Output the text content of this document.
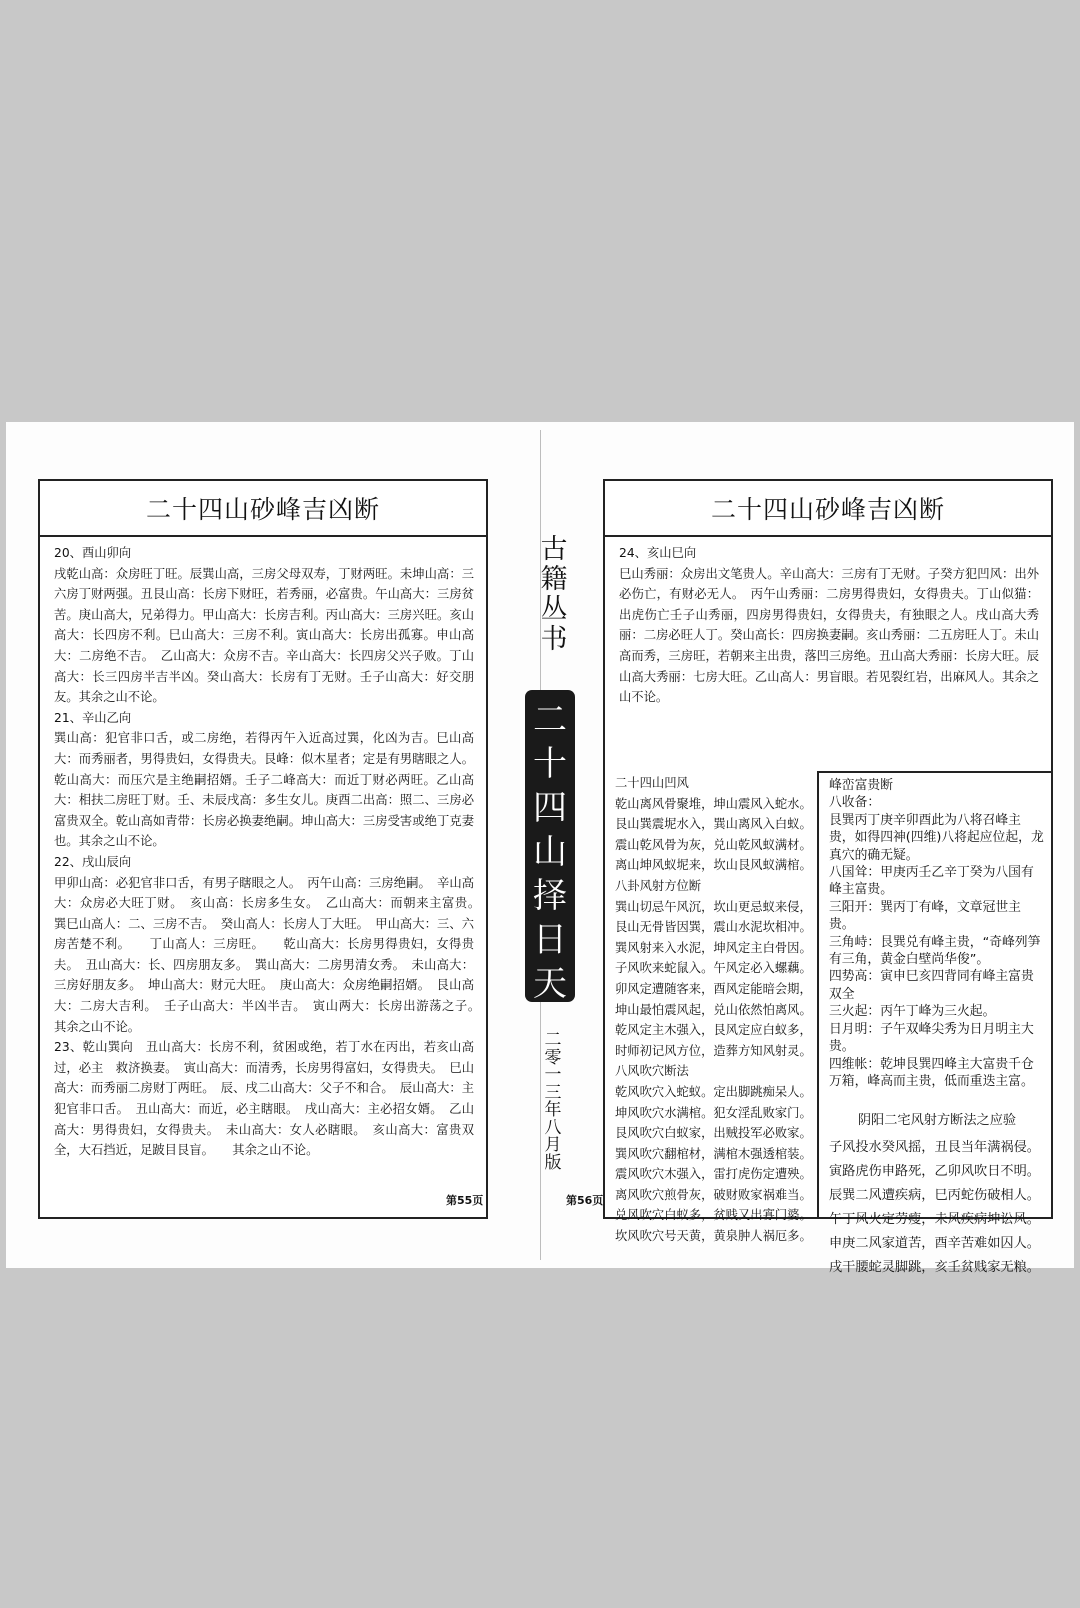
古
籍
丛
书
二
十
四
山
择
日
天
二
零
一
三
年
八
月
版
二十四山砂峰吉凶断
20、酉山卯向
戌乾山高：众房旺丁旺。辰巽山高，三房父母双寿，丁财两旺。未坤山高：三六房丁财两强。丑艮山高：长房下财旺，若秀丽，必富贵。午山高大：三房贫苦。庚山高大，兄弟得力。甲山高大：长房吉利。丙山高大：三房兴旺。亥山高大：长四房不利。巳山高大：三房不利。寅山高大：长房出孤寡。申山高大：二房绝不吉。　乙山高大：众房不吉。辛山高大：长四房父兴子败。丁山高大：长三四房半吉半凶。癸山高大：长房有丁无财。壬子山高大：好交朋友。其余之山不论。
21、辛山乙向
巽山高：犯官非口舌，或二房绝，若得丙午入近高过巽，化凶为吉。巳山高大：而秀丽者，男得贵妇，女得贵夫。艮峰：似木星者；定是有男瞎眼之人。乾山高大：而压穴是主绝嗣招婿。壬子二峰高大：而近丁财必两旺。乙山高大：相扶二房旺丁财。壬、未辰戌高：多生女儿。庚酉二出高：照二、三房必富贵双全。乾山高如青带：长房必换妻绝嗣。坤山高大：三房受害或绝丁克妻也。其余之山不论。
22、戌山辰向
甲卯山高：必犯官非口舌，有男子瞎眼之人。　丙午山高：三房绝嗣。　辛山高大：众房必大旺丁财。　亥山高：长房多生女。　乙山高大：而朝来主富贵。　巽巳山高人：二、三房不吉。　癸山高人：长房人丁大旺。　甲山高大：三、六房苦楚不利。　　丁山高人：三房旺。　　乾山高大：长房男得贵妇，女得贵夫。　丑山高大：长、四房朋友多。　巽山高大：二房男清女秀。　未山高大：三房好朋友多。　坤山高大：财元大旺。　庚山高大：众房绝嗣招婿。　艮山高大：二房大吉利。　壬子山高大：半凶半吉。　寅山两大：长房出游荡之子。　其余之山不论。
23、乾山巽向　丑山高大：长房不利，贫困或绝，若丁水在丙出，若亥山高过，必主　救济换妻。　寅山高大：而清秀，长房男得富妇，女得贵夫。　巳山高大：而秀丽二房财丁两旺。　辰、戌二山高大：父子不和合。　辰山高大：主犯官非口舌。　丑山高大：而近，必主瞎眼。　戌山高大：主必招女婿。　乙山高大：男得贵妇，女得贵夫。　未山高大：女人必瞎眼。　亥山高大：富贵双全，大石挡近，足跛目艮盲。　　其余之山不论。
二十四山砂峰吉凶断
24、亥山巳向
巳山秀丽：众房出文笔贵人。辛山高大：三房有丁无财。子癸方犯凹风：出外必伤亡，有财必无人。　丙午山秀丽：二房男得贵妇，女得贵夫。丁山似猫：出虎伤亡壬子山秀丽，四房男得贵妇，女得贵夫，有独眼之人。戌山高大秀丽：二房必旺人丁。癸山高长：四房换妻嗣。亥山秀丽：二五房旺人丁。未山高而秀，三房旺，若朝来主出贵，落凹三房绝。丑山高大秀丽：长房大旺。辰山高大秀丽：七房大旺。乙山高人：男盲眼。若见裂红岩，出麻风人。其余之山不论。
二十四山凹风
乾山离风骨聚堆，坤山震风入蛇水。
艮山巽震坭水入，巽山离风入白蚁。
震山乾风骨为灰，兑山乾风蚁满材。
离山坤风蚁坭来，坎山艮风蚁满棺。
八卦风射方位断
巽山切忌午风沉，坎山更忌蚁来侵，
艮山无骨皆因巽，震山水泥坎相冲。
巽风射来入水泥，坤风定主白骨因。
子风吹来蛇鼠入。午风定必入螺藕。
卯风定遭随客来，酉风定能暗会期，
坤山最怕震风起，兑山依然怕离风。
乾风定主木强入，艮风定应白蚁多，
时师初记风方位，造葬方知风射灵。
八风吹穴断法
乾风吹穴入蛇蚁。定出脚跳痴呆人。
坤风吹穴水满棺。犯女淫乱败家门。
艮风吹穴白蚁家，出贼投军必败家。
巽风吹穴翻棺材，满棺木强透棺装。
震风吹穴木强入，雷打虎伤定遭殃。
离风吹穴煎骨灰，破财败家祸难当。
兑风吹穴白蚁多，贫贱又出寡门婆。
坎风吹穴号天黄，黄泉肿人祸厄多。
峰峦富贵断
八收备：
艮巽丙丁庚辛卯酉此为八将召峰主贵，如得四神(四维)八将起应位起，龙真穴的确无疑。
八国耸：甲庚丙壬乙辛丁癸为八国有峰主富贵。
三阳开：巽丙丁有峰，文章冠世主贵。
三角峙：艮巽兑有峰主贵，“奇峰列笋有三角，黄金白壁尚华俊”。
四势高：寅申巳亥四背同有峰主富贵双全
三火起：丙午丁峰为三火起。
日月明：子午双峰尖秀为日月明主大贵。
四维帐：乾坤艮巽四峰主大富贵千仓万箱，峰高而主贵，低而重迭主富。
阴阳二宅风射方断法之应验
子风投水癸风摇，丑艮当年满祸侵。
寅路虎伤申路死，乙卯风吹日不明。
辰巽二风遭疾病，巳丙蛇伤破相人。
午丁风火定劳瘦，未风疾病坤讼风。
申庚二风家道苦，酉辛苦难如囚人。
戌干腰蛇灵脚跳，亥壬贫贱家无粮。
第55页	第56页
